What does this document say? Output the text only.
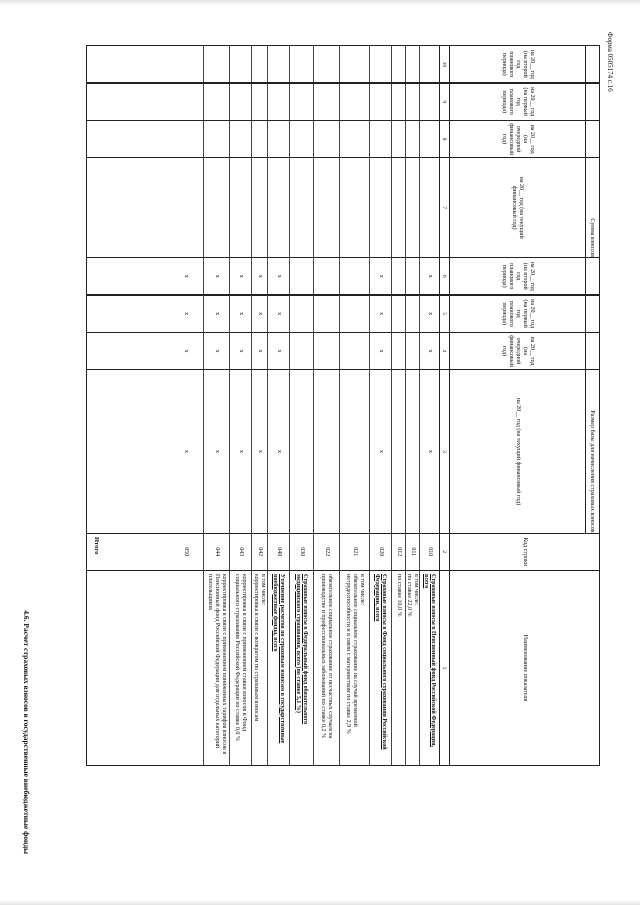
Форма 0505174 с.16
Наименование показателя
1
Страховые взносы в Пенсионный фонд Российской Федерации, всего
в том числе:
по ставке 22,0 %
по ставке 10,0 %
Страховые взносы в Фонд социального страхования Российской Федерации, всего
в том числе:
обязательное социальное страхование на случай временной нетрудоспособности и в связи с материнством по ставке 2,9 %
обязательное социальное страхование от несчастных случаев на производстве и профессиональных заболеваний по ставке 0,2 %
Страховые взносы в Федеральный фонд обязательного медицинского страхования, всего (по ставке 5,1 %)
Уточнение расчетов по страховым взносам в государственные внебюджетные фонды, всего
в том числе:
корректировка в связи с возвратом по страховым взносам
корректировка в связи с применением ставки взносов в Фонд социального страхования Российской Федерации по ставке 0,0 %
корректировка в связи с применением пониженных тарифов взносов в Пенсионный фонд Российской Федерации для отдельных категорий плательщиков
Итого	Код строки
2
010
011
012
020
021
022
030
040
042
043
044
050
Размер базы для начисления страховых взносов
на 20__ год (на текущий финансовый год)
3
x
x
x
x
x
x
x
на 20__ год (на очередной финансовый год)
4
x
x
x
x
x
x
x
на 20__ год (на первый год планового периода)
5
x
x
x
x
x
x
x
на 20__ год (на второй год планового периода)
6
x
x
x
x
x
x
x
Сумма взносов
на 20__ год (на текущий финансовый год)
7
на 20__ год (на очередной финансовый год)
8
на 20__ год (на первый год планового периода)
9
на 20__ год (на второй год планового периода)
10
4.6. Расчет страховых взносов в государственные внебюджетные фонды
